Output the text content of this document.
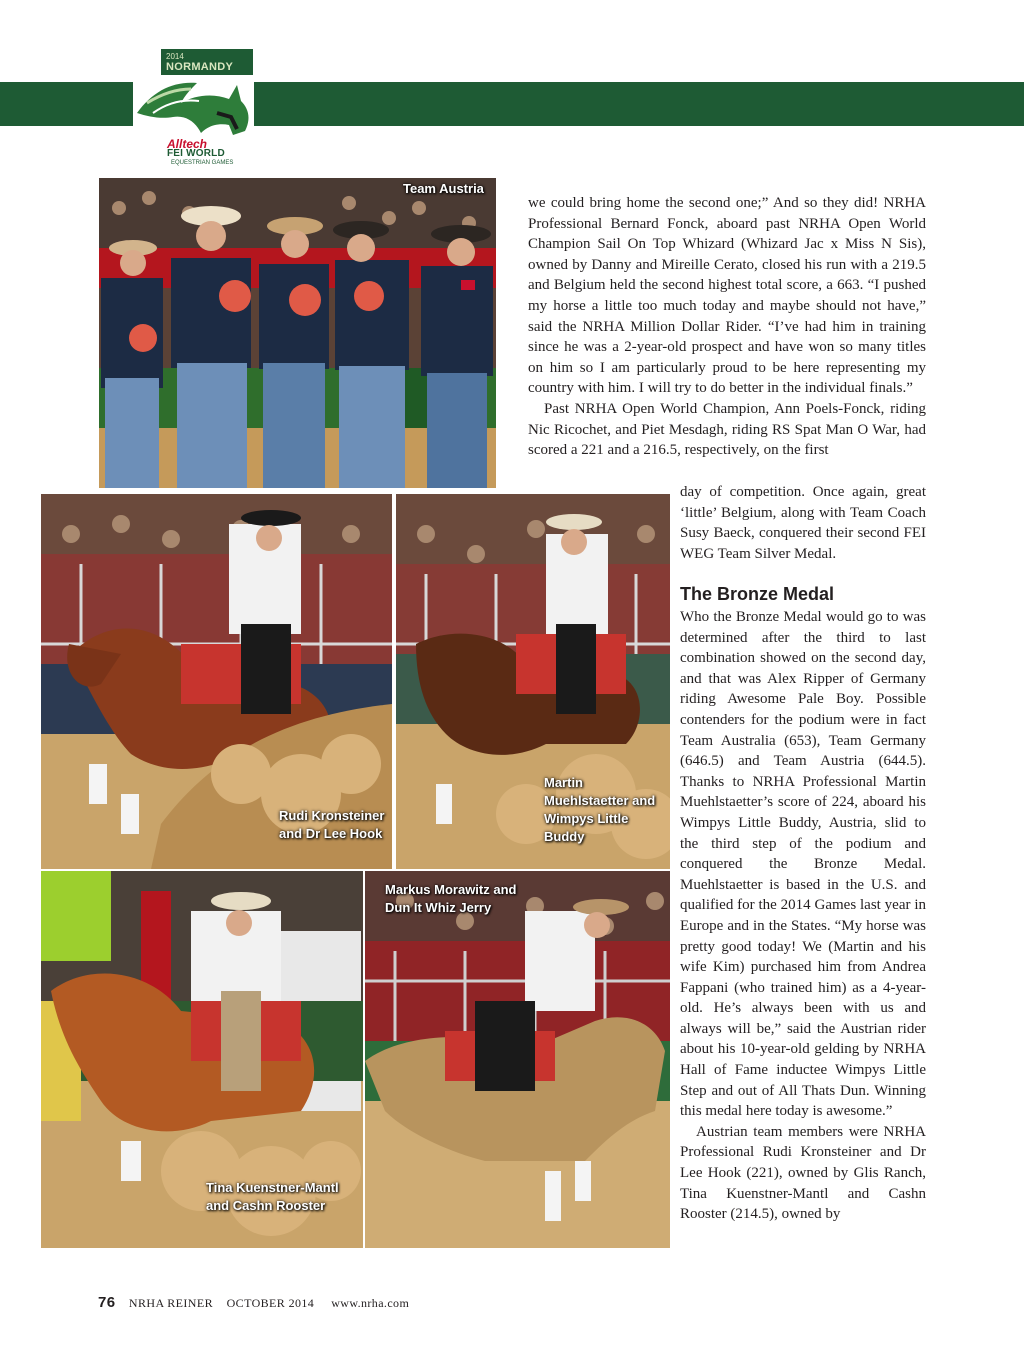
2014
NORMANDY
Alltech
FEI WORLD
EQUESTRIAN GAMES
Team Austria
Rudi Kronsteiner
and Dr Lee Hook
Martin
Muehlstaetter and
Wimpys Little
Buddy
Tina Kuenstner-Mantl
and Cashn Rooster
Markus Morawitz and
Dun It Whiz Jerry

we could bring home the second one;” And so they did! NRHA Professional Bernard Fonck, aboard past NRHA Open World Champion Sail On Top Whizard (Whizard Jac x Miss N Sis), owned by Danny and Mireille Cerato, closed his run with a 219.5 and Belgium held the second highest total score, a 663. “I pushed my horse a little too much today and maybe should not have,” said the NRHA Million Dollar Rider. “I’ve had him in training since he was a 2-year-old prospect and have won so many titles on him so I am particularly proud to be here representing my country with him. I will try to do better in the individual finals.”

Past NRHA Open World Champion, Ann Poels-Fonck, riding Nic Ricochet, and Piet Mesdagh, riding RS Spat Man O War, had scored a 221 and a 216.5, respectively, on the first

day of competition. Once again, great ‘little’ Belgium, along with Team Coach Susy Baeck, conquered their second FEI WEG Team Silver Medal.

The Bronze Medal

Who the Bronze Medal would go to was determined after the third to last combination showed on the second day, and that was Alex Ripper of Germany riding Awesome Pale Boy. Possible contenders for the podium were in fact Team Australia (653), Team Germany (646.5) and Team Austria (644.5). Thanks to NRHA Professional Martin Muehlstaetter’s score of 224, aboard his Wimpys Little Buddy, Austria, slid to the third step of the podium and conquered the Bronze Medal. Muehlstaetter is based in the U.S. and qualified for the 2014 Games last year in Europe and in the States. “My horse was pretty good today! We (Martin and his wife Kim) purchased him from Andrea Fappani (who trained him) as a 4-year-old. He’s always been with us and always will be,” said the Austrian rider about his 10-year-old gelding by NRHA Hall of Fame inductee Wimpys Little Step and out of All Thats Dun. Winning this medal here today is awesome.”

Austrian team members were NRHA Professional Rudi Kronsteiner and Dr Lee Hook (221), owned by Glis Ranch, Tina Kuenstner-Mantl and Cashn Rooster (214.5), owned by

76 NRHA REINER OCTOBER 2014 www.nrha.com
